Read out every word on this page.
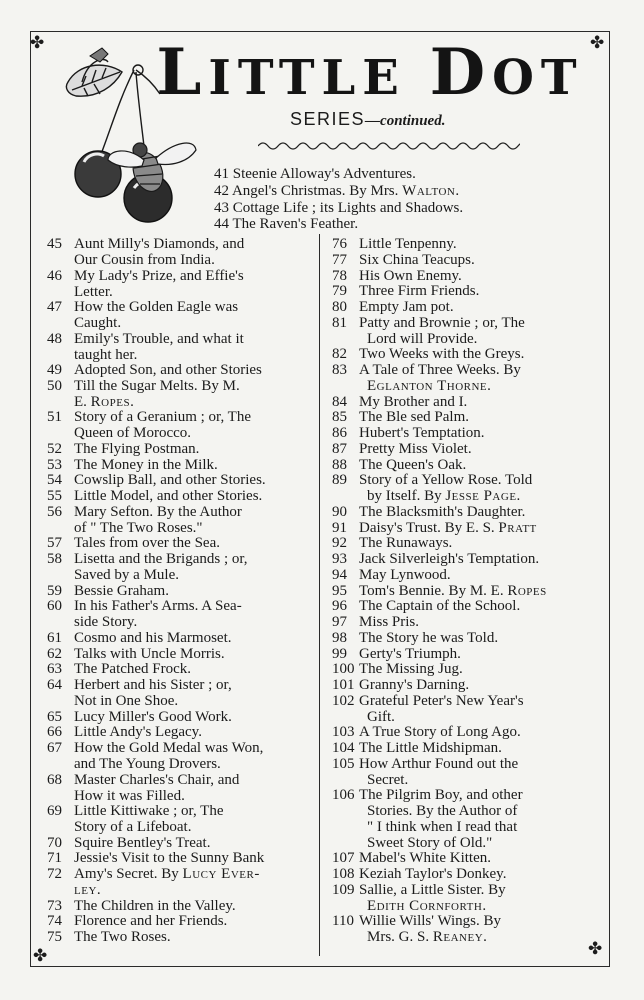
✤	✤
✤	✤
LITTLE DOT
SERIES—continued.
41 Steenie Alloway's Adventures.
42 Angel's Christmas. By Mrs. Walton.
43 Cottage Life ; its Lights and Shadows.
44 The Raven's Feather.
45 Aunt Milly's Diamonds, and
Our Cousin from India.
46 My Lady's Prize, and Effie's
Letter.
47 How the Golden Eagle was
Caught.
48 Emily's Trouble, and what it
taught her.
49 Adopted Son, and other Stories
50 Till the Sugar Melts. By M.
E. Ropes.
51 Story of a Geranium ; or, The
Queen of Morocco.
52 The Flying Postman.
53 The Money in the Milk.
54 Cowslip Ball, and other Stories.
55 Little Model, and other Stories.
56 Mary Sefton. By the Author
of " The Two Roses."
57 Tales from over the Sea.
58 Lisetta and the Brigands ; or,
Saved by a Mule.
59 Bessie Graham.
60 In his Father's Arms. A Sea-
side Story.
61 Cosmo and his Marmoset.
62 Talks with Uncle Morris.
63 The Patched Frock.
64 Herbert and his Sister ; or,
Not in One Shoe.
65 Lucy Miller's Good Work.
66 Little Andy's Legacy.
67 How the Gold Medal was Won,
and The Young Drovers.
68 Master Charles's Chair, and
How it was Filled.
69 Little Kittiwake ; or, The
Story of a Lifeboat.
70 Squire Bentley's Treat.
71 Jessie's Visit to the Sunny Bank
72 Amy's Secret. By Lucy Ever-
ley.
73 The Children in the Valley.
74 Florence and her Friends.
75 The Two Roses.
76 Little Tenpenny.
77 Six China Teacups.
78 His Own Enemy.
79 Three Firm Friends.
80 Empty Jam pot.
81 Patty and Brownie ; or, The
Lord will Provide.
82 Two Weeks with the Greys.
83 A Tale of Three Weeks. By
Eglanton Thorne.
84 My Brother and I.
85 The Ble sed Palm.
86 Hubert's Temptation.
87 Pretty Miss Violet.
88 The Queen's Oak.
89 Story of a Yellow Rose. Told
by Itself. By Jesse Page.
90 The Blacksmith's Daughter.
91 Daisy's Trust. By E. S. Pratt
92 The Runaways.
93 Jack Silverleigh's Temptation.
94 May Lynwood.
95 Tom's Bennie. By M. E. Ropes
96 The Captain of the School.
97 Miss Pris.
98 The Story he was Told.
99 Gerty's Triumph.
100 The Missing Jug.
101 Granny's Darning.
102 Grateful Peter's New Year's
Gift.
103 A True Story of Long Ago.
104 The Little Midshipman.
105 How Arthur Found out the
Secret.
106 The Pilgrim Boy, and other
Stories. By the Author of
" I think when I read that
Sweet Story of Old."
107 Mabel's White Kitten.
108 Keziah Taylor's Donkey.
109 Sallie, a Little Sister. By
Edith Cornforth.
110 Willie Wills' Wings. By
Mrs. G. S. Reaney.
